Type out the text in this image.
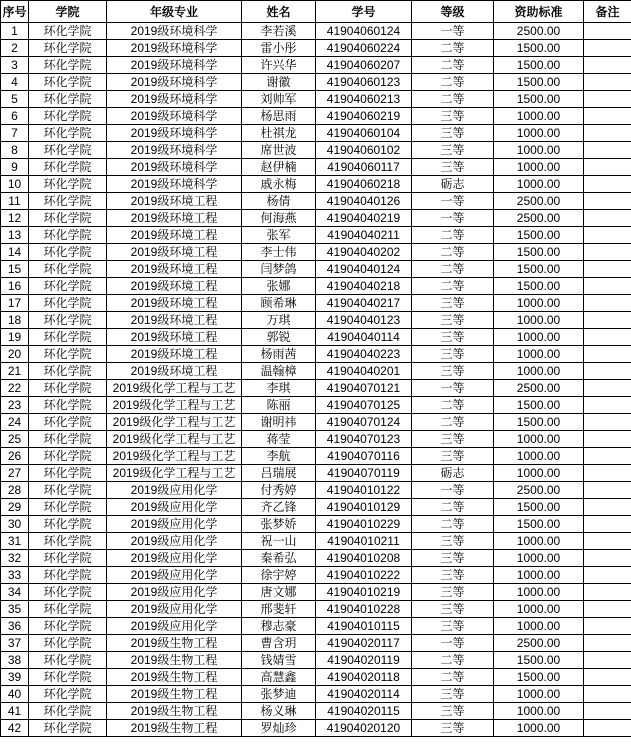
序号	学院	年级专业	姓名	学号	等级	资助标准	备注
1	环化学院	2019级环境科学	李若溪	41904060124	一等	2500.00	
2	环化学院	2019级环境科学	雷小彤	41904060224	二等	1500.00	
3	环化学院	2019级环境科学	许兴华	41904060207	二等	1500.00	
4	环化学院	2019级环境科学	谢徽	41904060123	二等	1500.00	
5	环化学院	2019级环境科学	刘帅军	41904060213	二等	1500.00	
6	环化学院	2019级环境科学	杨思雨	41904060219	三等	1000.00	
7	环化学院	2019级环境科学	杜祺龙	41904060104	三等	1000.00	
8	环化学院	2019级环境科学	席世波	41904060102	三等	1000.00	
9	环化学院	2019级环境科学	赵伊楠	41904060117	三等	1000.00	
10	环化学院	2019级环境科学	戚永梅	41904060218	砺志	1000.00	
11	环化学院	2019级环境工程	杨倩	41904040126	一等	2500.00	
12	环化学院	2019级环境工程	何海燕	41904040219	一等	2500.00	
13	环化学院	2019级环境工程	张军	41904040211	二等	1500.00	
14	环化学院	2019级环境工程	李士伟	41904040202	二等	1500.00	
15	环化学院	2019级环境工程	闫梦鸽	41904040124	二等	1500.00	
16	环化学院	2019级环境工程	张娜	41904040218	二等	1500.00	
17	环化学院	2019级环境工程	顾希琳	41904040217	三等	1000.00	
18	环化学院	2019级环境工程	万琪	41904040123	三等	1000.00	
19	环化学院	2019级环境工程	郭锐	41904040114	三等	1000.00	
20	环化学院	2019级环境工程	杨雨茜	41904040223	三等	1000.00	
21	环化学院	2019级环境工程	温翰樟	41904040201	三等	1000.00	
22	环化学院	2019级化学工程与工艺	李琪	41904070121	一等	2500.00	
23	环化学院	2019级化学工程与工艺	陈丽	41904070125	二等	1500.00	
24	环化学院	2019级化学工程与工艺	谢明祎	41904070124	二等	1500.00	
25	环化学院	2019级化学工程与工艺	蒋莹	41904070123	三等	1000.00	
26	环化学院	2019级化学工程与工艺	李航	41904070116	三等	1000.00	
27	环化学院	2019级化学工程与工艺	吕瑞展	41904070119	砺志	1000.00	
28	环化学院	2019级应用化学	付秀婷	41904010122	一等	2500.00	
29	环化学院	2019级应用化学	齐乙锋	41904010129	二等	1500.00	
30	环化学院	2019级应用化学	张梦娇	41904010229	二等	1500.00	
31	环化学院	2019级应用化学	祝一山	41904010211	三等	1000.00	
32	环化学院	2019级应用化学	秦希弘	41904010208	三等	1000.00	
33	环化学院	2019级应用化学	徐宇婷	41904010222	三等	1000.00	
34	环化学院	2019级应用化学	唐文娜	41904010219	三等	1000.00	
35	环化学院	2019级应用化学	邢斐轩	41904010228	三等	1000.00	
36	环化学院	2019级应用化学	穆志豪	41904010115	三等	1000.00	
37	环化学院	2019级生物工程	曹含玥	41904020117	一等	2500.00	
38	环化学院	2019级生物工程	钱婧雪	41904020119	二等	1500.00	
39	环化学院	2019级生物工程	高慧鑫	41904020118	二等	1500.00	
40	环化学院	2019级生物工程	张梦迪	41904020114	三等	1000.00	
41	环化学院	2019级生物工程	杨义琳	41904020115	三等	1000.00	
42	环化学院	2019级生物工程	罗灿珍	41904020120	三等	1000.00	
